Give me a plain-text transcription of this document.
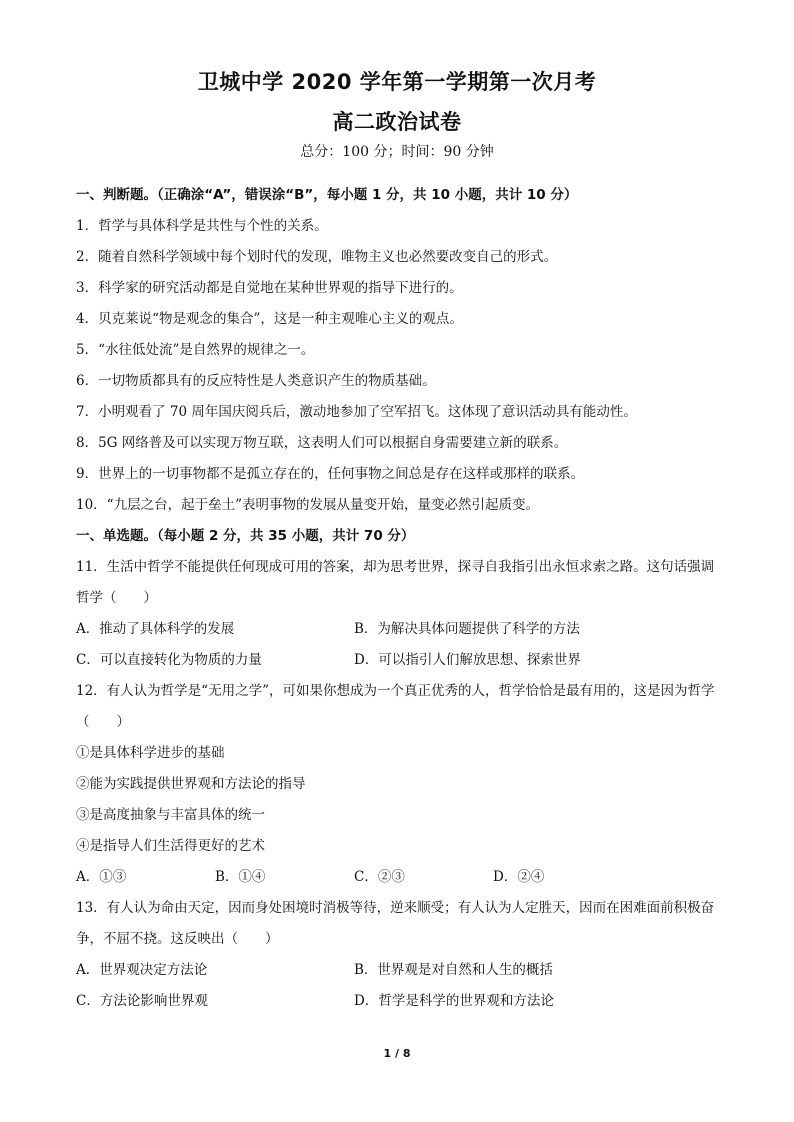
卫城中学 2020 学年第一学期第一次月考
高二政治试卷
总分：100 分；时间：90 分钟
一、判断题。（正确涂“A”，错误涂“B”，每小题 1 分，共 10 小题，共计 10 分）
1．哲学与具体科学是共性与个性的关系。
2．随着自然科学领域中每个划时代的发现，唯物主义也必然要改变自己的形式。
3．科学家的研究活动都是自觉地在某种世界观的指导下进行的。
4．贝克莱说“物是观念的集合”，这是一种主观唯心主义的观点。
5．“水往低处流”是自然界的规律之一。
6．一切物质都具有的反应特性是人类意识产生的物质基础。
7．小明观看了 70 周年国庆阅兵后，激动地参加了空军招飞。这体现了意识活动具有能动性。
8．5G 网络普及可以实现万物互联，这表明人们可以根据自身需要建立新的联系。
9．世界上的一切事物都不是孤立存在的，任何事物之间总是存在这样或那样的联系。
10．“九层之台，起于垒土”表明事物的发展从量变开始，量变必然引起质变。
一、单选题。（每小题 2 分，共 35 小题，共计 70 分）
11．生活中哲学不能提供任何现成可用的答案，却为思考世界，探寻自我指引出永恒求索之路。这句话强调哲学（　　）
A．推动了具体科学的发展	B．为解决具体问题提供了科学的方法
C．可以直接转化为物质的力量	D．可以指引人们解放思想、探索世界
12．有人认为哲学是“无用之学”，可如果你想成为一个真正优秀的人，哲学恰恰是最有用的，这是因为哲学（　　）
①是具体科学进步的基础
②能为实践提供世界观和方法论的指导
③是高度抽象与丰富具体的统一
④是指导人们生活得更好的艺术
A．①③	B．①④	C．②③	D．②④
13．有人认为命由天定，因而身处困境时消极等待，逆来顺受；有人认为人定胜天，因而在困难面前积极奋争，不屈不挠。这反映出（　　）
A．世界观决定方法论	B．世界观是对自然和人生的概括
C．方法论影响世界观	D．哲学是科学的世界观和方法论
1 / 8
